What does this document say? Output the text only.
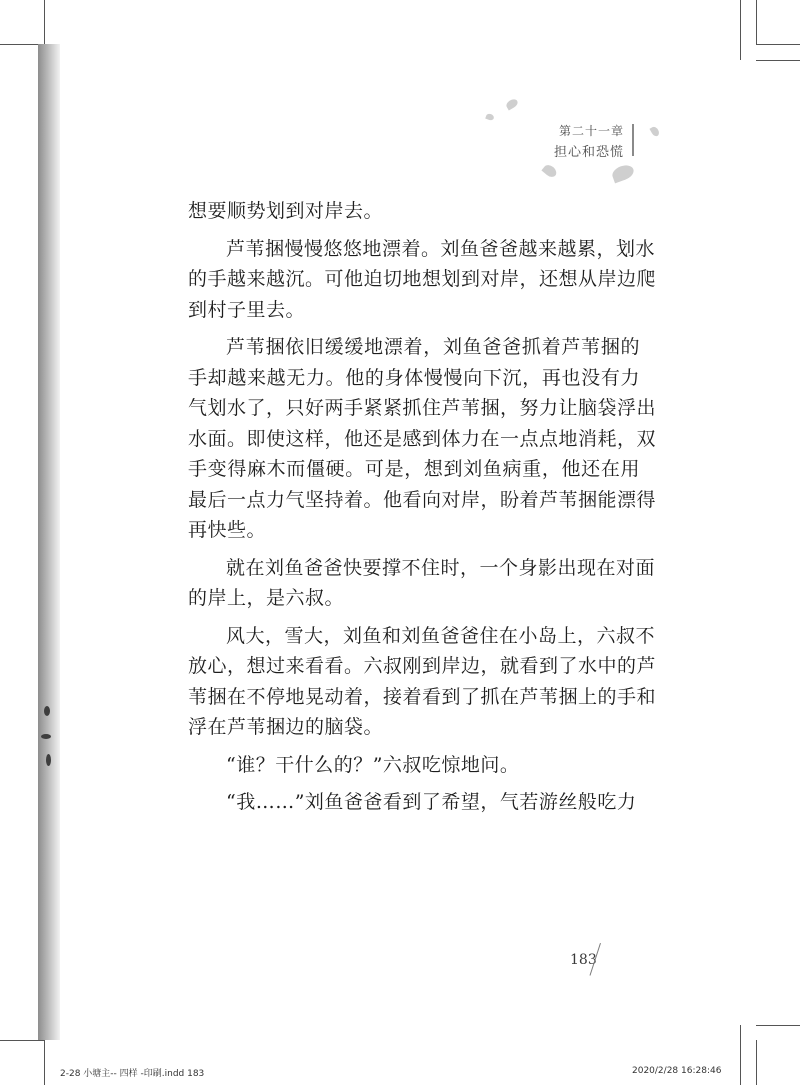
第二十一章
担心和恐慌

想要顺势划到对岸去。

芦苇捆慢慢悠悠地漂着。刘鱼爸爸越来越累，划水
的手越来越沉。可他迫切地想划到对岸，还想从岸边爬
到村子里去。

芦苇捆依旧缓缓地漂着，刘鱼爸爸抓着芦苇捆的
手却越来越无力。他的身体慢慢向下沉，再也没有力
气划水了，只好两手紧紧抓住芦苇捆，努力让脑袋浮出
水面。即使这样，他还是感到体力在一点点地消耗，双
手变得麻木而僵硬。可是，想到刘鱼病重，他还在用
最后一点力气坚持着。他看向对岸，盼着芦苇捆能漂得
再快些。

就在刘鱼爸爸快要撑不住时，一个身影出现在对面
的岸上，是六叔。

风大，雪大，刘鱼和刘鱼爸爸住在小岛上，六叔不
放心，想过来看看。六叔刚到岸边，就看到了水中的芦
苇捆在不停地晃动着，接着看到了抓在芦苇捆上的手和
浮在芦苇捆边的脑袋。

“谁？干什么的？”六叔吃惊地问。

“我……”刘鱼爸爸看到了希望，气若游丝般吃力

183
2-28 小塘主-- 四样 -印刷.indd 183	2020/2/28 16:28:46
